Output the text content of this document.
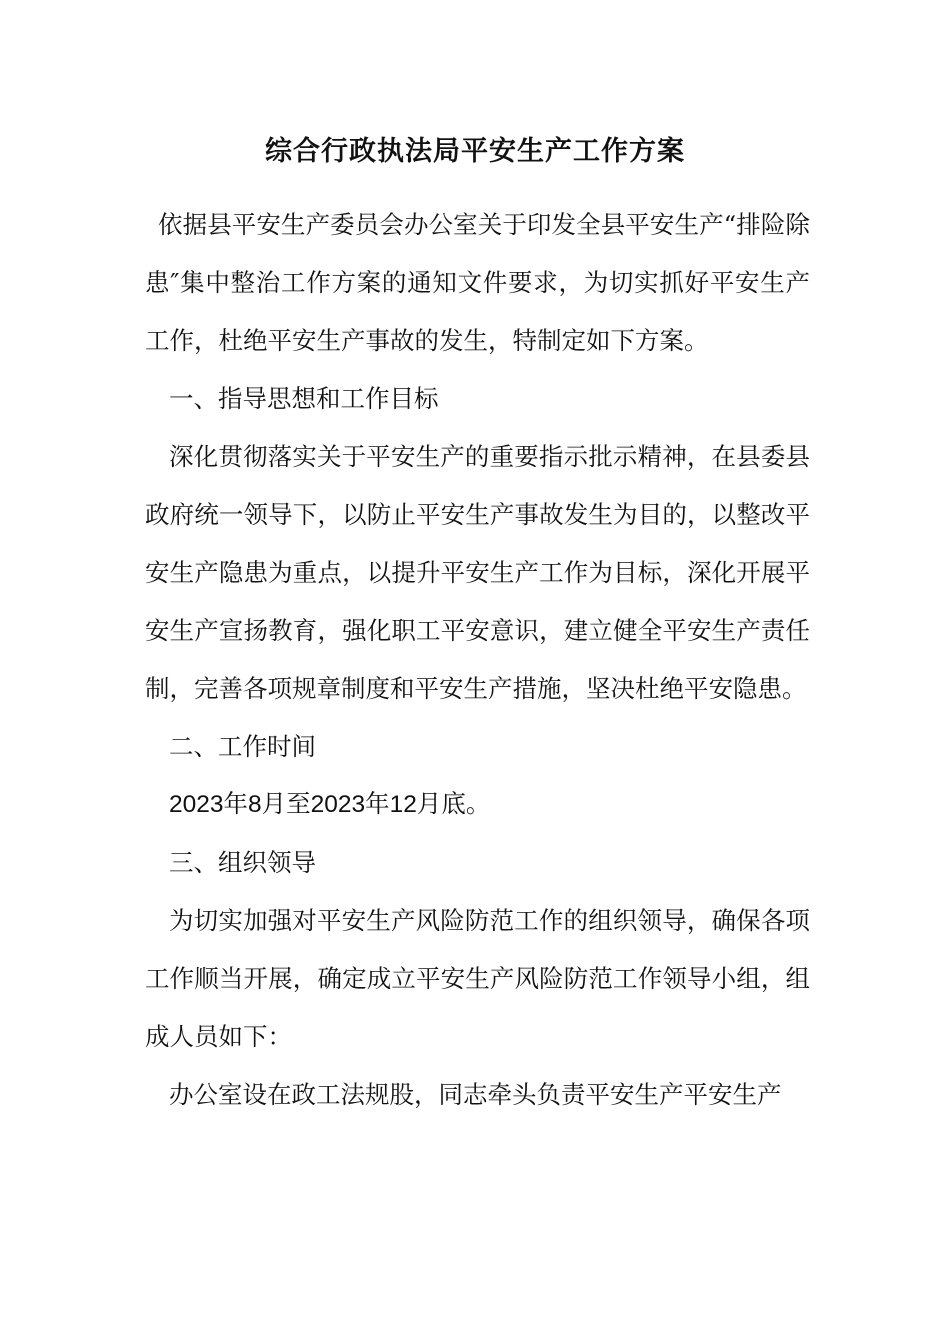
综合行政执法局平安生产工作方案

依据县平安生产委员会办公室关于印发全县平安生产“排险除患″集中整治工作方案的通知文件要求，为切实抓好平安生产工作，杜绝平安生产事故的发生，特制定如下方案。

一、指导思想和工作目标

深化贯彻落实关于平安生产的重要指示批示精神，在县委县政府统一领导下，以防止平安生产事故发生为目的，以整改平安生产隐患为重点，以提升平安生产工作为目标，深化开展平安生产宣扬教育，强化职工平安意识，建立健全平安生产责任制，完善各项规章制度和平安生产措施，坚决杜绝平安隐患。

二、工作时间

2023年8月至2023年12月底。

三、组织领导

为切实加强对平安生产风险防范工作的组织领导，确保各项工作顺当开展，确定成立平安生产风险防范工作领导小组，组成人员如下：

办公室设在政工法规股，同志牵头负责平安生产平安生产
